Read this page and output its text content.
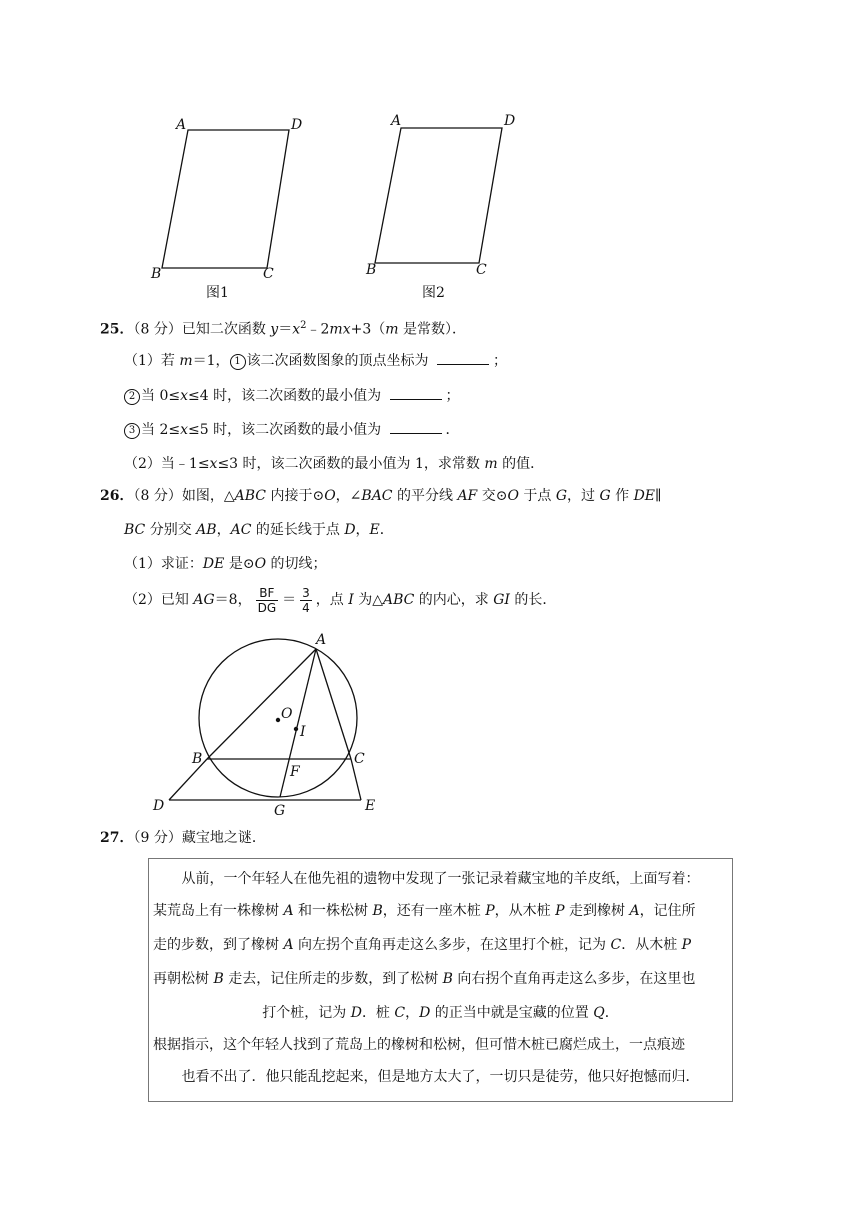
A	D
B	C
图1
A	D
B	C
图2
25．（8 分）已知二次函数 $y=x^2﹣2mx+3(m$ 是常数）．
（1）若 m＝1， 1 该二次函数图象的顶点坐标为	；
2 当 0≤x≤4 时，该二次函数的最小值为	；
3 当 2≤x≤5 时，该二次函数的最小值为	．
（2）当﹣1≤x≤3 时，该二次函数的最小值为 1，求常数 m 的值．
26．（8 分）如图，△ABC 内接于⊙O，∠BAC 的平分线 AF 交⊙O 于点 G，过 G 作 DE∥
BC 分别交 AB，AC 的延长线于点 D，E．
（1）求证：DE 是⊙O 的切线；
（2）已知 AG＝8， $\frac{BF}{DG} = \frac{3}{4}$ ，点 I 为△ABC 的内心，求 GI 的长．
A
O
I
B	C
F
D	G	E
27．（9 分）藏宝地之谜．
从前，一个年轻人在他先祖的遗物中发现了一张记录着藏宝地的羊皮纸，上面写着：
某荒岛上有一株橡树 A 和一株松树 B，还有一座木桩 P，从木桩 P 走到橡树 A，记住所
走的步数，到了橡树 A 向左拐个直角再走这么多步，在这里打个桩，记为 C．从木桩 P
再朝松树 B 走去，记住所走的步数，到了松树 B 向右拐个直角再走这么多步，在这里也
打个桩，记为 D．桩 C，D 的正当中就是宝藏的位置 Q．
根据指示，这个年轻人找到了荒岛上的橡树和松树，但可惜木桩已腐烂成土，一点痕迹
也看不出了．他只能乱挖起来，但是地方太大了，一切只是徒劳，他只好抱憾而归．
